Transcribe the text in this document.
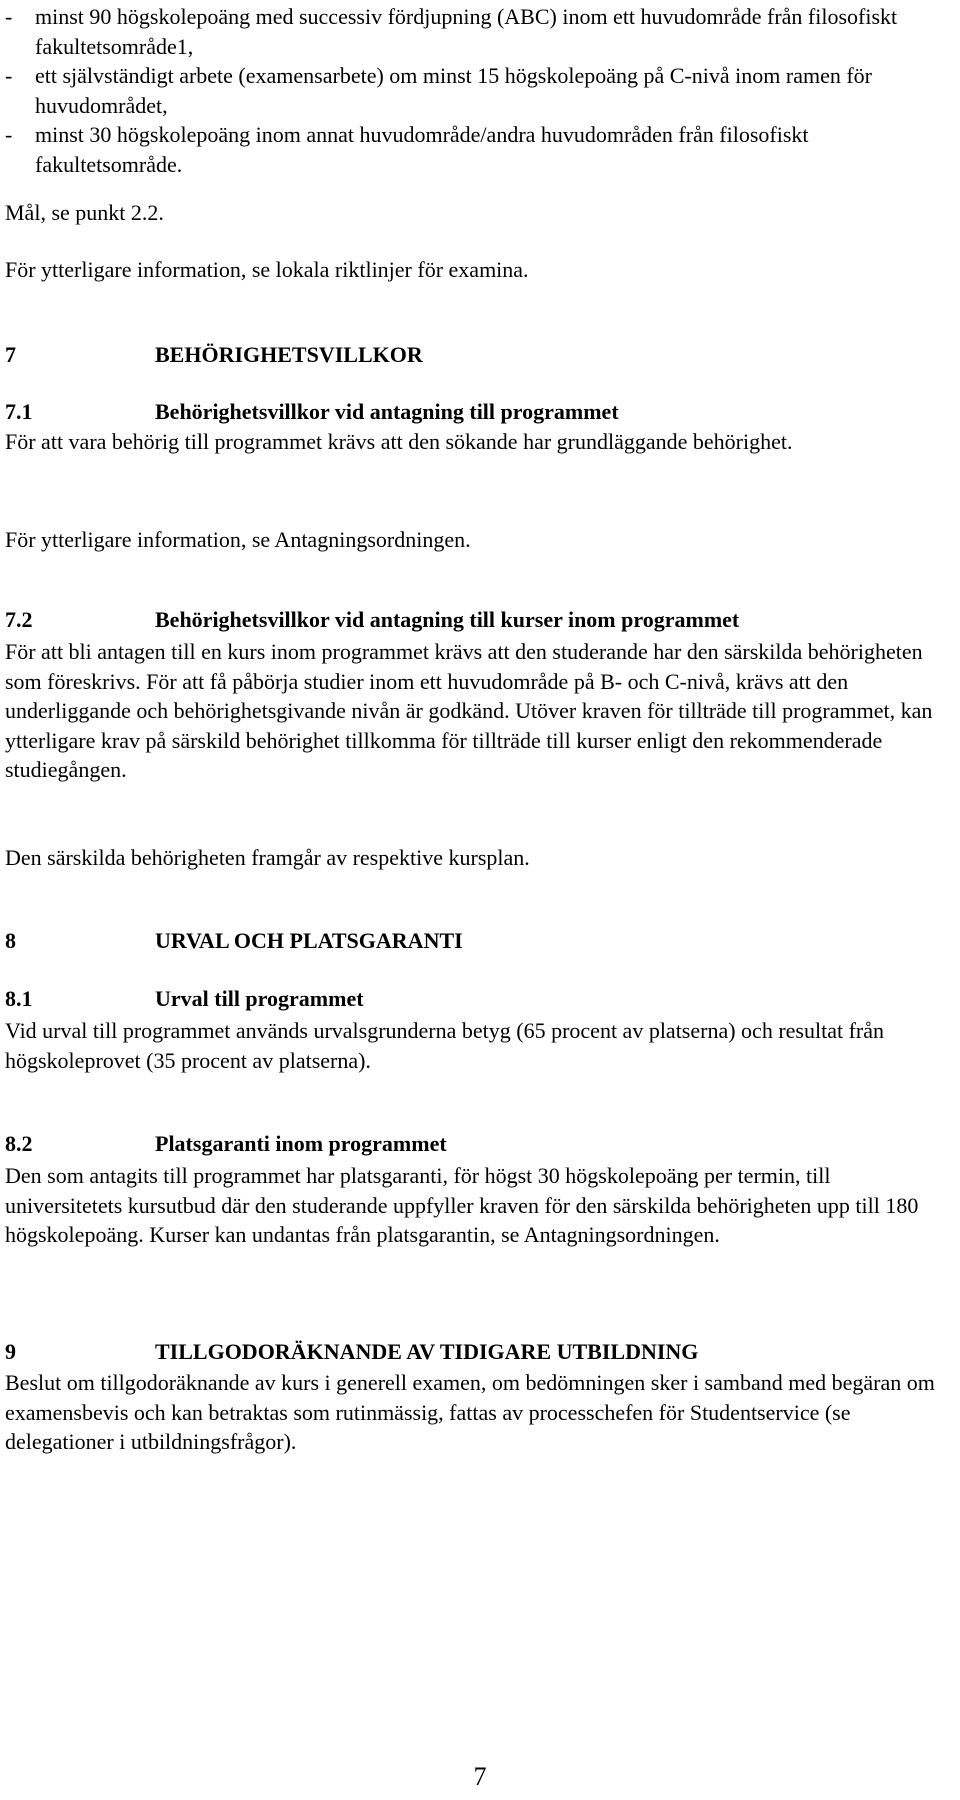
-	minst 90 högskolepoäng med successiv fördjupning (ABC) inom ett huvudområde från filosofiskt fakultetsområde1,
-	ett självständigt arbete (examensarbete) om minst 15 högskolepoäng på C-nivå inom ramen för huvudområdet,
-	minst 30 högskolepoäng inom annat huvudområde/andra huvudområden från filosofiskt fakultetsområde.

Mål, se punkt 2.2.

För ytterligare information, se lokala riktlinjer för examina.

7	BEHÖRIGHETSVILLKOR
7.1	Behörighetsvillkor vid antagning till programmet

För att vara behörig till programmet krävs att den sökande har grundläggande behörighet.

För ytterligare information, se Antagningsordningen.

7.2	Behörighetsvillkor vid antagning till kurser inom programmet

För att bli antagen till en kurs inom programmet krävs att den studerande har den särskilda behörigheten som föreskrivs. För att få påbörja studier inom ett huvudområde på B- och C-nivå, krävs att den underliggande och behörighetsgivande nivån är godkänd. Utöver kraven för tillträde till programmet, kan ytterligare krav på särskild behörighet tillkomma för tillträde till kurser enligt den rekommenderade studiegången.

Den särskilda behörigheten framgår av respektive kursplan.

8	URVAL OCH PLATSGARANTI
8.1	Urval till programmet

Vid urval till programmet används urvalsgrunderna betyg (65 procent av platserna) och resultat från högskoleprovet (35 procent av platserna).

8.2	Platsgaranti inom programmet

Den som antagits till programmet har platsgaranti, för högst 30 högskolepoäng per termin, till universitetets kursutbud där den studerande uppfyller kraven för den särskilda behörigheten upp till 180 högskolepoäng. Kurser kan undantas från platsgarantin, se Antagningsordningen.

9	TILLGODORÄKNANDE AV TIDIGARE UTBILDNING

Beslut om tillgodoräknande av kurs i generell examen, om bedömningen sker i samband med begäran om examensbevis och kan betraktas som rutinmässig, fattas av processchefen för Studentservice (se delegationer i utbildningsfrågor).

7
